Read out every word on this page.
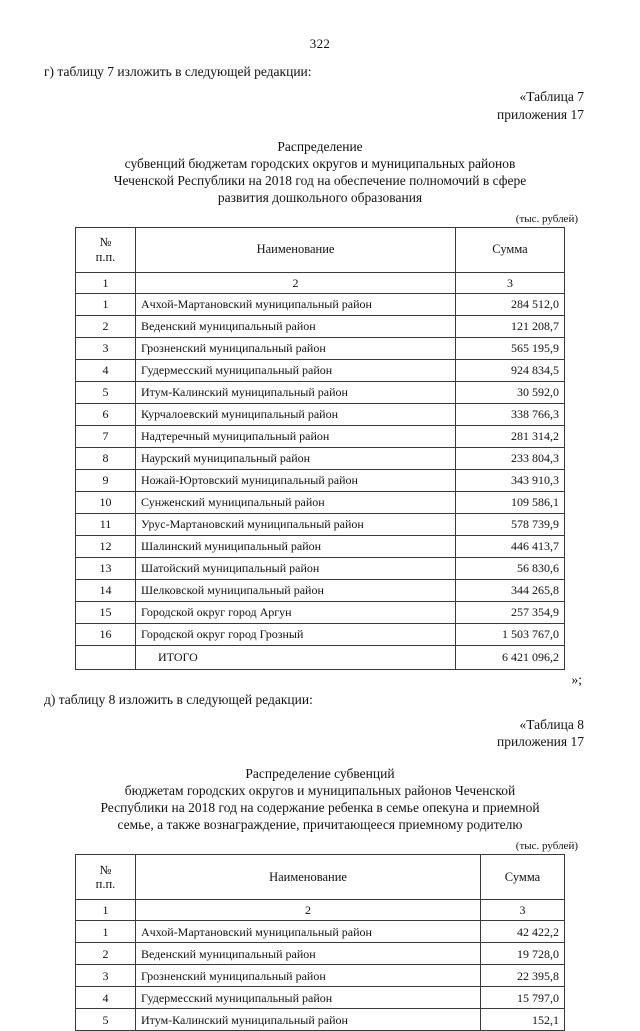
322
г) таблицу 7 изложить в следующей редакции:
«Таблица 7
приложения 17
Распределение
субвенций бюджетам городских округов и муниципальных районов
Чеченской Республики на 2018 год на обеспечение полномочий в сфере
развития дошкольного образования
(тыс. рублей)
№
п.п.	Наименование	Сумма
1	2	3
1	Ачхой-Мартановский муниципальный район	284 512,0
2	Веденский муниципальный район	121 208,7
3	Грозненский муниципальный район	565 195,9
4	Гудермесский муниципальный район	924 834,5
5	Итум-Калинский муниципальный район	30 592,0
6	Курчалоевский муниципальный район	338 766,3
7	Надтеречный муниципальный район	281 314,2
8	Наурский муниципальный район	233 804,3
9	Ножай-Юртовский муниципальный район	343 910,3
10	Сунженский муниципальный район	109 586,1
11	Урус-Мартановский муниципальный район	578 739,9
12	Шалинский муниципальный район	446 413,7
13	Шатойский муниципальный район	56 830,6
14	Шелковской муниципальный район	344 265,8
15	Городской округ город Аргун	257 354,9
16	Городской округ город Грозный	1 503 767,0
	ИТОГО	6 421 096,2
»;
д) таблицу 8 изложить в следующей редакции:
«Таблица 8
приложения 17
Распределение субвенций
бюджетам городских округов и муниципальных районов Чеченской
Республики на 2018 год на содержание ребенка в семье опекуна и приемной
семье, а также вознаграждение, причитающееся приемному родителю
(тыс. рублей)
№
п.п.	Наименование	Сумма
1	2	3
1	Ачхой-Мартановский муниципальный район	42 422,2
2	Веденский муниципальный район	19 728,0
3	Грозненский муниципальный район	22 395,8
4	Гудермесский муниципальный район	15 797,0
5	Итум-Калинский муниципальный район	152,1
